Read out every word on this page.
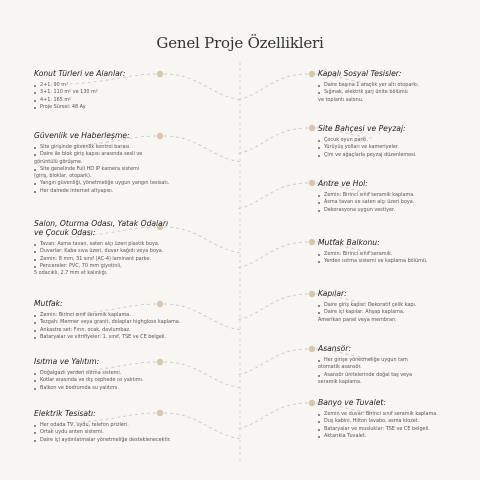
Genel Proje Özellikleri
Konut Türleri ve Alanlar:
2+1: 90 m²
3+1: 110 m² ve 130 m²
4+1: 165 m²
Proje Süresi: 48 Ay
Güvenlik ve Haberleşme:
Site girişinde güvenlik kontrol barası.
Daire ile blok giriş kapısı arasında sesli ve
görüntülü görüşme.
Site genelinde Full HD IP kamera sistemi
(giriş, bloklar, otopark).
Yangın güvenliği, yönetmeliğe uygun yangın tesisatı.
Her dairede internet altyapısı.
Salon, Oturma Odası, Yatak Odaları
ve Çocuk Odası:
Tavan: Asma tavan, saten alçı üzeri plastik boya.
Duvarlar: Kaba sıva üzeri, duvar kağıdı veya boya.
Zemin: 8 mm, 31 sınıf (AC-4) laminant parke.
Pencereler: PVC, 70 mm giyotinli,
5 odacıklı, 2.7 mm et kalınlığı.
Mutfak:
Zemin: Birinci sınıf seramik kaplama.
Tezgah: Mermer veya granit, dolaplar highgloss kaplama.
Ankastre set: Fırın, ocak, davlumbaz.
Bataryalar ve vitrifiyeler: 1. sınıf, TSE ve CE belgeli.
Isıtma ve Yalıtım:
Doğalgazlı yerden ısıtma sistemi.
Kotlar arasında ve dış cephede ısı yalıtımı.
Balkon ve bodrumda su yalıtımı.
Elektrik Tesisatı:
Her odada TV, uydu, telefon prizleri.
Ortak uydu anten sistemi.
Daire içi aydınlatmalar yönetmeliğe desteklenecektir.
Kapalı Sosyal Tesisler:
Daire başına 1 araçlık yer altı otoparkı.
Sığınak, elektrik şarj ünite bölümü
ve toplantı salonu.
Site Bahçesi ve Peyzaj:
Çocuk oyun parkı.
Yürüyüş yolları ve kameriyeler.
Çim ve ağaçlarla peyzaj düzenlemesi.
Antre ve Hol:
Zemin: Birinci sınıf seramik kaplama.
Asma tavan ve saten alçı üzeri boya.
Dekorasyona uygun vestiyer.
Mutfak Balkonu:
Zemin: Birinci sınıf seramik.
Yerden ısıtma sistemi ve kaplama bölümü.
Kapılar:
Daire giriş kapısı: Dekoratif çelik kapı.
Daire içi kapılar: Ahşap kaplama,
Amerikan panel veya membran.
Asansör:
Her girişe yönetmeliğe uygun tam
otomatik asansör.
Asansör ünitelerinde doğal taş veya
seramik kaplama.
Banyo ve Tuvalet:
Zemin ve duvar: Birinci sınıf seramik kaplama.
Duş kabini, Hilton lavabo, asma klozet.
Bataryalar ve musluklar: TSE ve CE belgeli.
Aktarıkla Tuvalet.
